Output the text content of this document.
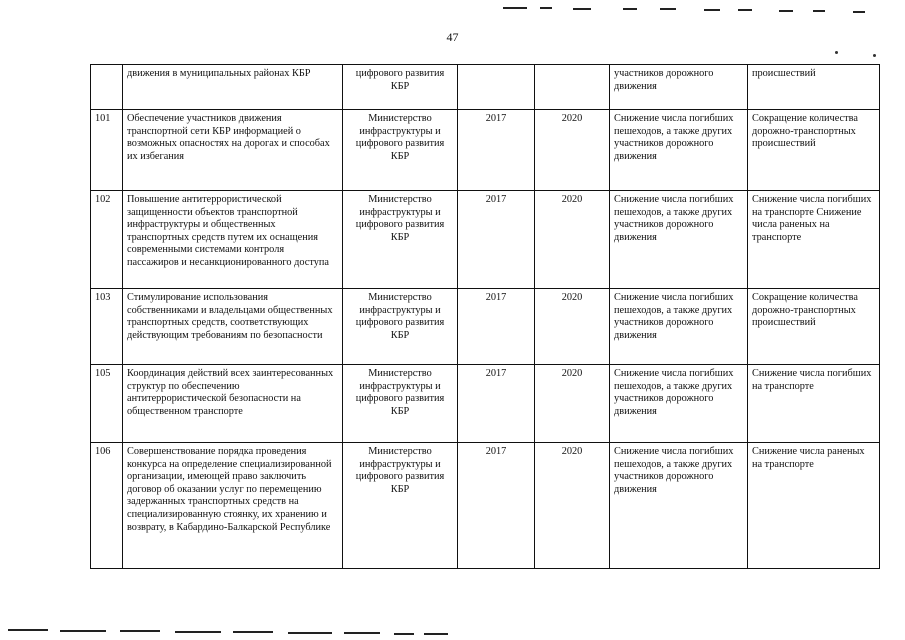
47
	движения в муниципальных районах КБР	цифрового развития КБР			участников дорожного движения	происшествий
101	Обеспечение участников движения транспортной сети КБР информацией о возможных опасностях на дорогах и способах их избегания	Министерство инфраструктуры и цифрового развития КБР	2017	2020	Снижение числа погибших пешеходов, а также других участников дорожного движения	Сокращение количества дорожно-транспортных происшествий
102	Повышение антитеррористической защищенности объектов транспортной инфраструктуры и общественных транспортных средств путем их оснащения современными системами контроля пассажиров и несанкционированного доступа	Министерство инфраструктуры и цифрового развития КБР	2017	2020	Снижение числа погибших пешеходов, а также других участников дорожного движения	Снижение числа погибших на транспорте Снижение числа раненых на транспорте
103	Стимулирование использования собственниками и владельцами общественных транспортных средств, соответствующих действующим требованиям по безопасности	Министерство инфраструктуры и цифрового развития КБР	2017	2020	Снижение числа погибших пешеходов, а также других участников дорожного движения	Сокращение количества дорожно-транспортных происшествий
105	Координация действий всех заинтересованных структур по обеспечению антитеррористической безопасности на общественном транспорте	Министерство инфраструктуры и цифрового развития КБР	2017	2020	Снижение числа погибших пешеходов, а также других участников дорожного движения	Снижение числа погибших на транспорте
106	Совершенствование порядка проведения конкурса на определение специализированной организации, имеющей право заключить договор об оказании услуг по перемещению задержанных транспортных средств на специализированную стоянку, их хранению и возврату, в Кабардино-Балкарской Республике	Министерство инфраструктуры и цифрового развития КБР	2017	2020	Снижение числа погибших пешеходов, а также других участников дорожного движения	Снижение числа раненых на транспорте
